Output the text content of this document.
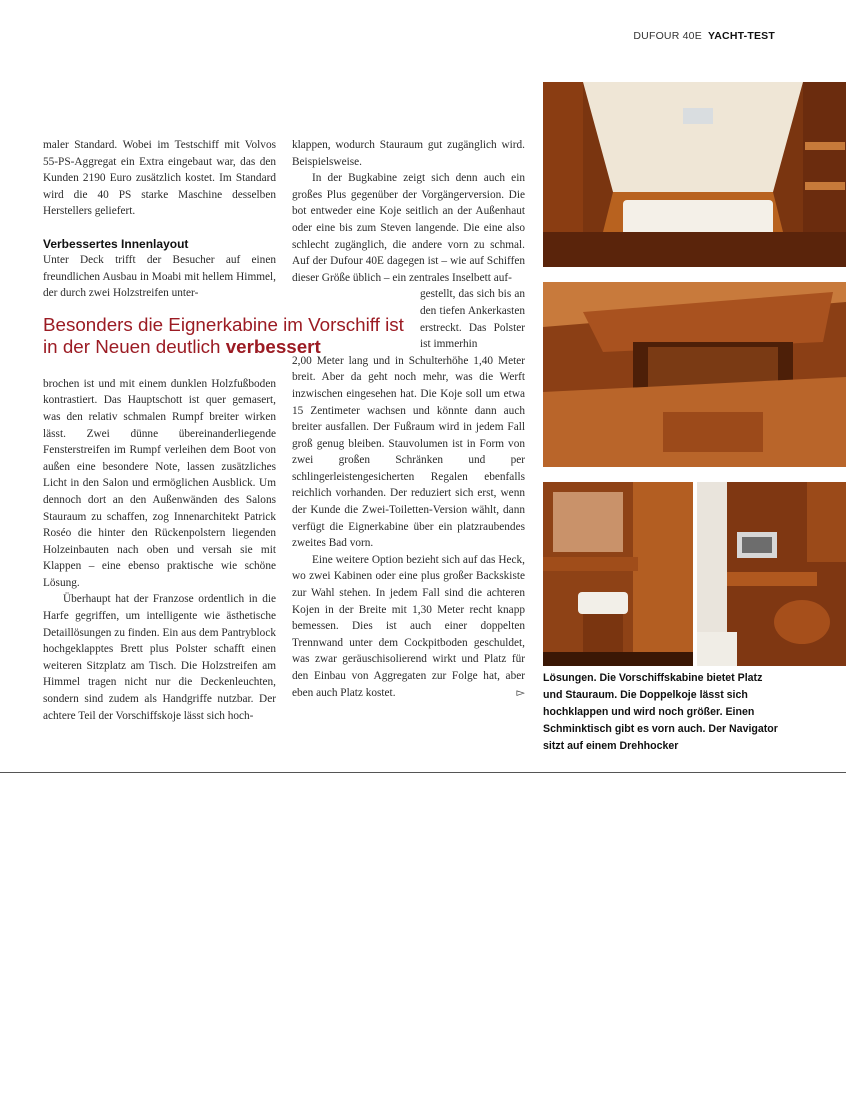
DUFOUR 40E YACHT-TEST

maler Standard. Wobei im Testschiff mit Volvos 55-PS-Aggregat ein Extra eingebaut war, das den Kunden 2190 Euro zusätzlich kostet. Im Standard wird die 40 PS starke Maschine desselben Herstellers geliefert.

Verbessertes Innenlayout

Unter Deck trifft der Besucher auf einen freundlichen Ausbau in Moabi mit hellem Himmel, der durch zwei Holzstreifen unter-

brochen ist und mit einem dunklen Holzfußboden kontrastiert. Das Hauptschott ist quer gemasert, was den relativ schmalen Rumpf breiter wirken lässt. Zwei dünne übereinanderliegende Fensterstreifen im Rumpf verleihen dem Boot von außen eine besondere Note, lassen zusätzliches Licht in den Salon und ermöglichen Ausblick. Um dennoch dort an den Außenwänden des Salons Stauraum zu schaffen, zog Innenarchitekt Patrick Roséo die hinter den Rückenpolstern liegenden Holzeinbauten nach oben und versah sie mit Klappen – eine ebenso praktische wie schöne Lösung.

Überhaupt hat der Franzose ordentlich in die Harfe gegriffen, um intelligente wie ästhetische Detaillösungen zu finden. Ein aus dem Pantryblock hochgeklapptes Brett plus Polster schafft einen weiteren Sitzplatz am Tisch. Die Holzstreifen am Himmel tragen nicht nur die Deckenleuchten, sondern sind zudem als Handgriffe nutzbar. Der achtere Teil der Vorschiffskoje lässt sich hoch-

Besonders die Eignerkabine im Vorschiff ist in der Neuen deutlich verbessert

klappen, wodurch Stauraum gut zugänglich wird. Beispielsweise.

In der Bugkabine zeigt sich denn auch ein großes Plus gegenüber der Vorgängerversion. Die bot entweder eine Koje seitlich an der Außenhaut oder eine bis zum Steven langende. Die eine also schlecht zugänglich, die andere vorn zu schmal. Auf der Dufour 40E dagegen ist – wie auf Schiffen dieser Größe üblich – ein zentrales Inselbett auf-

gestellt, das sich bis an den tiefen Ankerkasten erstreckt. Das Polster ist immerhin

2,00 Meter lang und in Schulterhöhe 1,40 Meter breit. Aber da geht noch mehr, was die Werft inzwischen eingesehen hat. Die Koje soll um etwa 15 Zentimeter wachsen und könnte dann auch breiter ausfallen. Der Fußraum wird in jedem Fall groß genug bleiben. Stauvolumen ist in Form von zwei großen Schränken und per schlingerleistengesicherten Regalen ebenfalls reichlich vorhanden. Der reduziert sich erst, wenn der Kunde die Zwei-Toiletten-Version wählt, dann verfügt die Eignerkabine über ein platzraubendes zweites Bad vorn.

Eine weitere Option bezieht sich auf das Heck, wo zwei Kabinen oder eine plus großer Backskiste zur Wahl stehen. In jedem Fall sind die achteren Kojen in der Breite mit 1,30 Meter recht knapp bemessen. Dies ist auch einer doppelten Trennwand unter dem Cockpitboden geschuldet, was zwar geräuschisolierend wirkt und Platz für den Einbau von Aggregaten zur Folge hat, aber eben auch Platz kostet.	▻

Lösungen. Die Vorschiffskabine bietet Platz und Stauraum. Die Doppelkoje lässt sich hochklappen und wird noch größer. Einen Schminktisch gibt es vorn auch. Der Navigator sitzt auf einem Drehhocker
